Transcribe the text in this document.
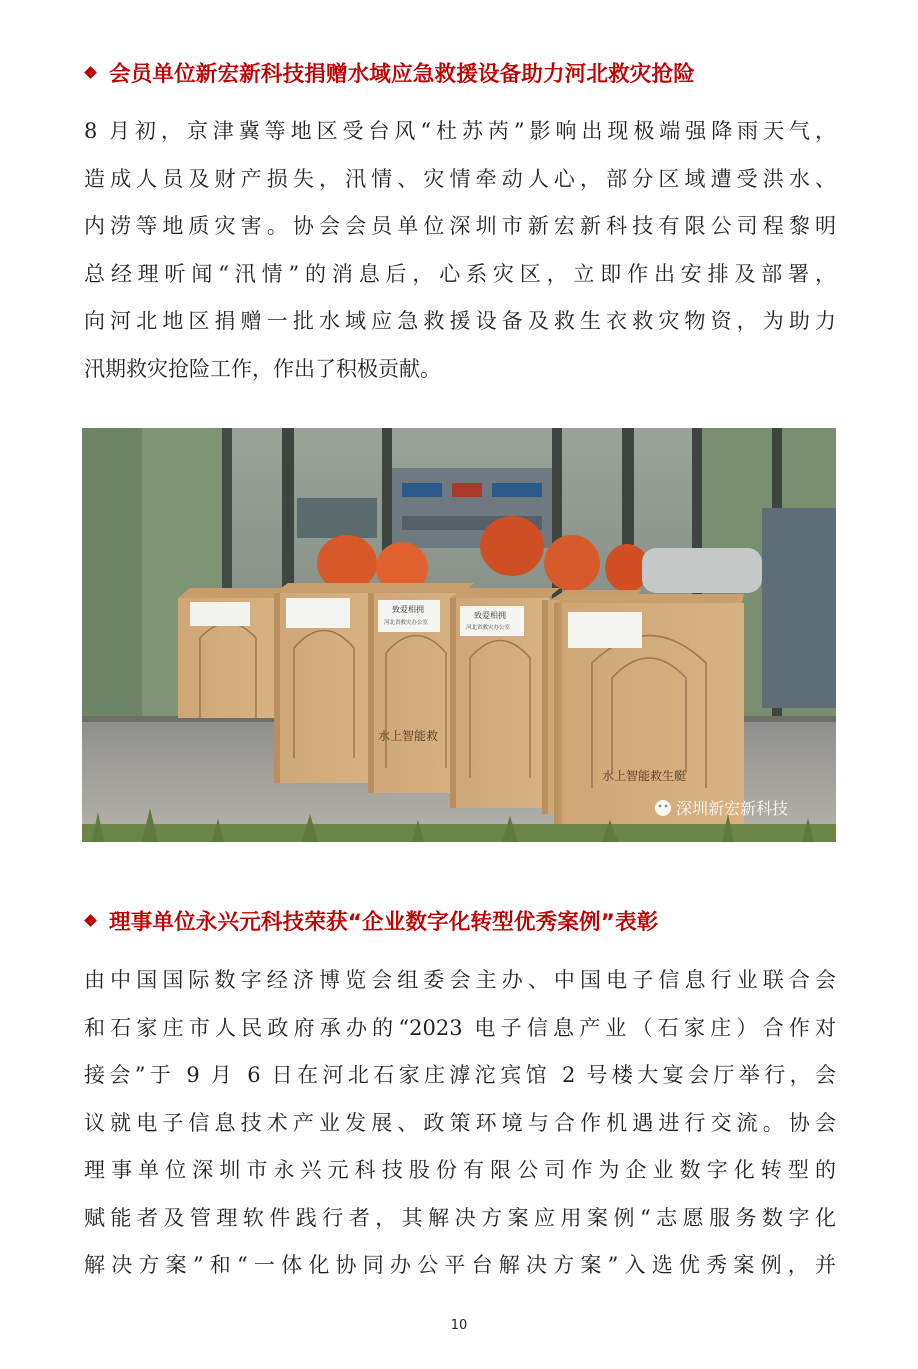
会员单位新宏新科技捐赠水域应急救援设备助力河北救灾抢险
8 月初，京津冀等地区受台风“杜苏芮”影响出现极端强降雨天气，
造成人员及财产损失，汛情、灾情牵动人心，部分区域遭受洪水、
内涝等地质灾害。协会会员单位深圳市新宏新科技有限公司程黎明
总经理听闻“汛情”的消息后，心系灾区，立即作出安排及部署，
向河北地区捐赠一批水域应急救援设备及救生衣救灾物资，为助力
汛期救灾抢险工作，作出了积极贡献。
致爱相拥
河北省救灾办公室
致爱相拥
河北省救灾办公室
水上智能救
水上智能救生艇
深圳新宏新科技
理事单位永兴元科技荣获“企业数字化转型优秀案例”表彰
由中国国际数字经济博览会组委会主办、中国电子信息行业联合会
和石家庄市人民政府承办的“2023 电子信息产业（石家庄）合作对
接会”于 9 月 6 日在河北石家庄滹沱宾馆 2 号楼大宴会厅举行，会
议就电子信息技术产业发展、政策环境与合作机遇进行交流。协会
理事单位深圳市永兴元科技股份有限公司作为企业数字化转型的
赋能者及管理软件践行者，其解决方案应用案例“志愿服务数字化
解决方案”和“一体化协同办公平台解决方案”入选优秀案例，并
10
